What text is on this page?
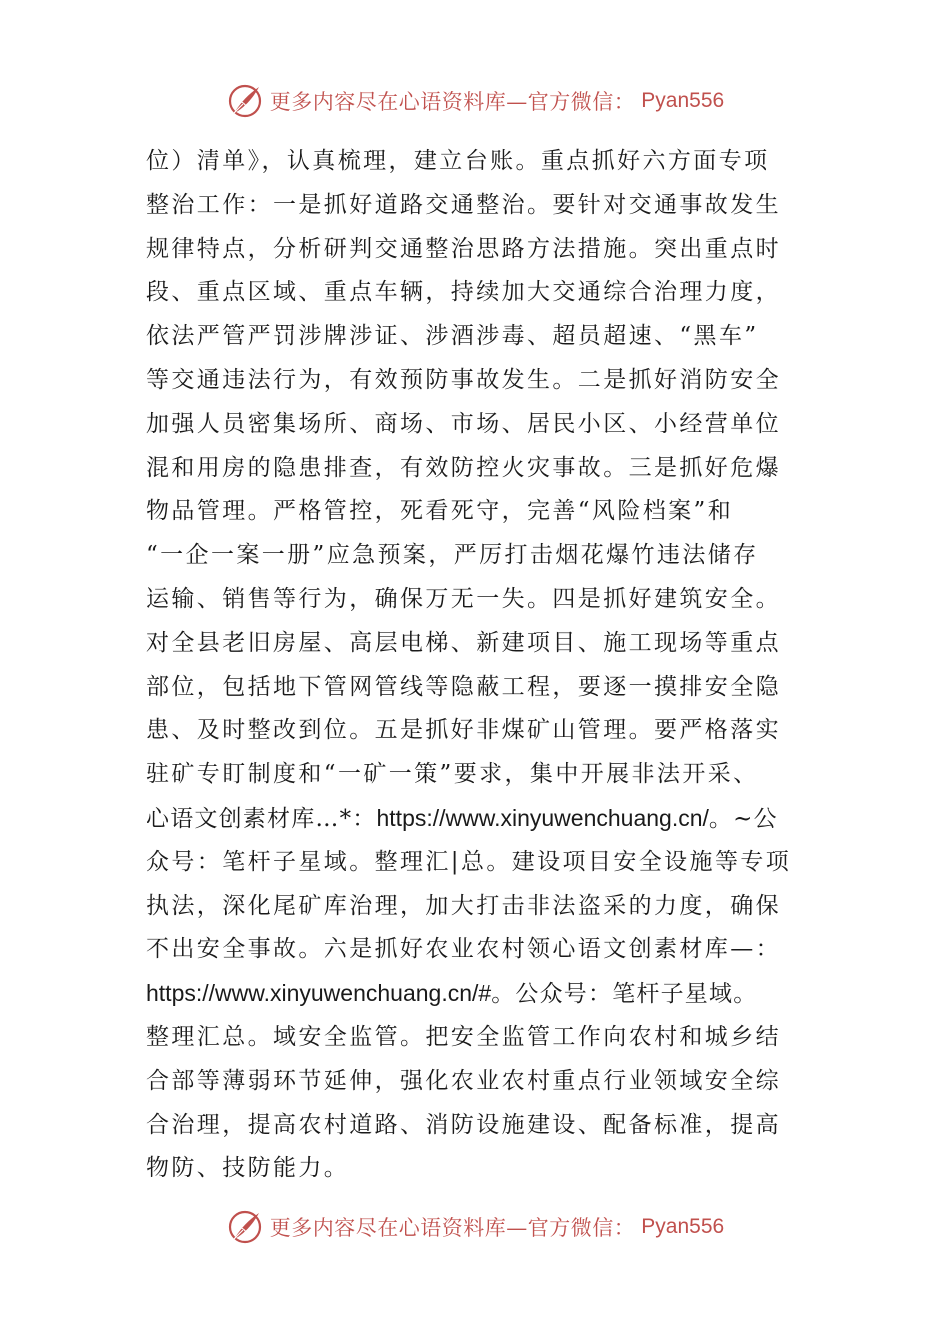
更多内容尽在心语资料库—官方微信： Pyan556
位）清单》，认真梳理，建立台账。重点抓好六方面专项
整治工作：一是抓好道路交通整治。要针对交通事故发生
规律特点，分析研判交通整治思路方法措施。突出重点时
段、重点区域、重点车辆，持续加大交通综合治理力度，
依法严管严罚涉牌涉证、涉酒涉毒、超员超速、“黑车”
等交通违法行为，有效预防事故发生。二是抓好消防安全
加强人员密集场所、商场、市场、居民小区、小经营单位
混和用房的隐患排查，有效防控火灾事故。三是抓好危爆
物品管理。严格管控，死看死守，完善“风险档案”和
“一企一案一册”应急预案，严厉打击烟花爆竹违法储存
运输、销售等行为，确保万无一失。四是抓好建筑安全。
对全县老旧房屋、高层电梯、新建项目、施工现场等重点
部位，包括地下管网管线等隐蔽工程，要逐一摸排安全隐
患、及时整改到位。五是抓好非煤矿山管理。要严格落实
驻矿专盯制度和“一矿一策”要求，集中开展非法开采、
心语文创素材库…*：https://www.xinyuwenchuang.cn/。~公
众号：笔杆子星域。整理汇|总。建设项目安全设施等专项
执法，深化尾矿库治理，加大打击非法盗采的力度，确保
不出安全事故。六是抓好农业农村领心语文创素材库—：
https://www.xinyuwenchuang.cn/#。公众号：笔杆子星域。
整理汇总。域安全监管。把安全监管工作向农村和城乡结
合部等薄弱环节延伸，强化农业农村重点行业领域安全综
合治理，提高农村道路、消防设施建设、配备标准，提高
物防、技防能力。
更多内容尽在心语资料库—官方微信： Pyan556
